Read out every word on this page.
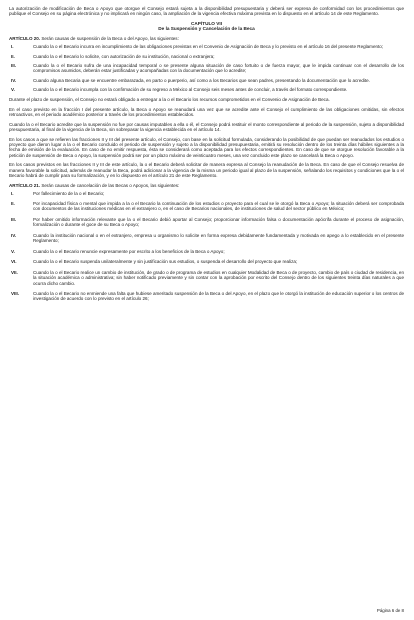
La autorización de modificación de Beca o Apoyo que otorgue el Consejo estará sujeta a la disponibilidad presupuestaria y deberá ser expresa de conformidad con los procedimientos que publique el Consejo en su página electrónica y no implicará en ningún caso, la ampliación de la vigencia efectiva máxima prevista en lo dispuesto en el artículo 14 de este Reglamento.

CAPÍTULO VII

De la Suspensión y Cancelación de la Beca

ARTÍCULO 20. Serán causas de suspensión de la Beca o del Apoyo, las siguientes:

I.	Cuando la o el Becario incurra en incumplimiento de las obligaciones previstas en el Convenio de Asignación de Beca y lo previsto en el artículo 16 del presente Reglamento;

II.	Cuando la o el Becario lo solicite, con autorización de su institución, nacional o extranjera;

III.	Cuando la o el Becario sufra de una incapacidad temporal o se presente alguna situación de caso fortuito o de fuerza mayor, que le impida continuar con el desarrollo de los compromisos asumidos, deberán estar justificadas y acompañadas con la documentación que lo acredite;

IV.	Cuando alguna Becaria que se encuentre embarazada, en parto o puerperio, así como a los Becarios que sean padres, presentando la documentación que lo acredite.

V.	Cuando la o el Becario incumpla con la confirmación de su regreso a México al Consejo seis meses antes de concluir, a través del formato correspondiente.

Durante el plazo de suspensión, el Consejo no estará obligado a entregar a la o el Becario los recursos comprometidos en el Convenio de Asignación de Beca.

En el caso previsto en la fracción I del presente artículo, la Beca o Apoyo se reanudará una vez que se acredite ante el Consejo el cumplimiento de las obligaciones omitidas, sin efectos retroactivos, en el periodo académico posterior a través de los procedimientos establecidos.

Cuando la o el Becario acredite que la suspensión no fue por causas imputables a ella o él, el Consejo podrá restituir el monto correspondiente al periodo de la suspensión, sujeto a disponibilidad presupuestaria, al final de la vigencia de la Beca, sin sobrepasar la vigencia establecida en el artículo 14.

En los casos a que se refieren las fracciones II y III del presente artículo, el Consejo, con base en la solicitud formulada, considerando la posibilidad de que puedan ser reanudados los estudios o proyecto que dieron lugar a la o el Becario concluido el periodo de suspensión y sujeto a la disponibilidad presupuestaria, emitirá su resolución dentro de los treinta días hábiles siguientes a la fecha de emisión de la evaluación. En caso de no emitir respuesta, ésta se considerará como aceptada para los efectos correspondientes. En caso de que se otorgue resolución favorable a la petición de suspensión de Beca o Apoyo, la suspensión podrá ser por un plazo máximo de veinticuatro meses, una vez concluido este plazo se cancelará la Beca o Apoyo.

En los casos previstos en las fracciones II y III de este artículo, la o el Becario deberá solicitar de manera expresa al Consejo la reanudación de la Beca. En caso de que el Consejo resuelva de manera favorable la solicitud, además de reanudar la Beca, podrá adicionar a la vigencia de la misma un periodo igual al plazo de la suspensión, señalando los requisitos y condiciones que la o el Becario habrá de cumplir para su formalización, y en lo dispuesto en el artículo 21 de este Reglamento.

ARTÍCULO 21. Serán causas de cancelación de las Becas o Apoyos, las siguientes:

I.	Por fallecimiento de la o el Becario;

II.	Por incapacidad física o mental que impida a la o el Becario la continuación de los estudios o proyecto para el cual se le otorgó la Beca o Apoyo; la situación deberá ser comprobada con documentos de las instituciones médicas en el extranjero o, en el caso de Becarios nacionales, de instituciones de salud del sector público en México;

III.	Por haber omitido información relevante que la o el Becario debió aportar al Consejo; proporcionar información falsa o documentación apócrifa durante el proceso de asignación, formalización o durante el goce de su Beca o Apoyo;

IV.	Cuando la institución nacional o en el extranjero, empresa u organismo lo solicite en forma expresa debidamente fundamentada y motivada en apego a lo establecido en el presente Reglamento;

V.	Cuando la o el Becario renuncie expresamente por escrito a los beneficios de la Beca o Apoyo;

VI.	Cuando la o el Becario suspenda unilateralmente y sin justificación sus estudios, o suspenda el desarrollo del proyecto que realiza;

VII.	Cuando la o el Becario realice un cambio de institución, de grado o de programa de estudios en cualquier Modalidad de Beca o de proyecto, cambio de país o ciudad de residencia, en la situación académica o administrativa; sin haber notificado previamente y sin contar con la aprobación por escrito del Consejo dentro de los siguientes treinta días naturales a que ocurra dicho cambio.

VIII.	Cuando la o el Becario no enmiende una falta que hubiese ameritado suspensión de la Beca o del Apoyo, en el plazo que le otorgó la institución de educación superior o los centros de investigación de acuerdo con lo previsto en el artículo 26;

Página 6 de 8
